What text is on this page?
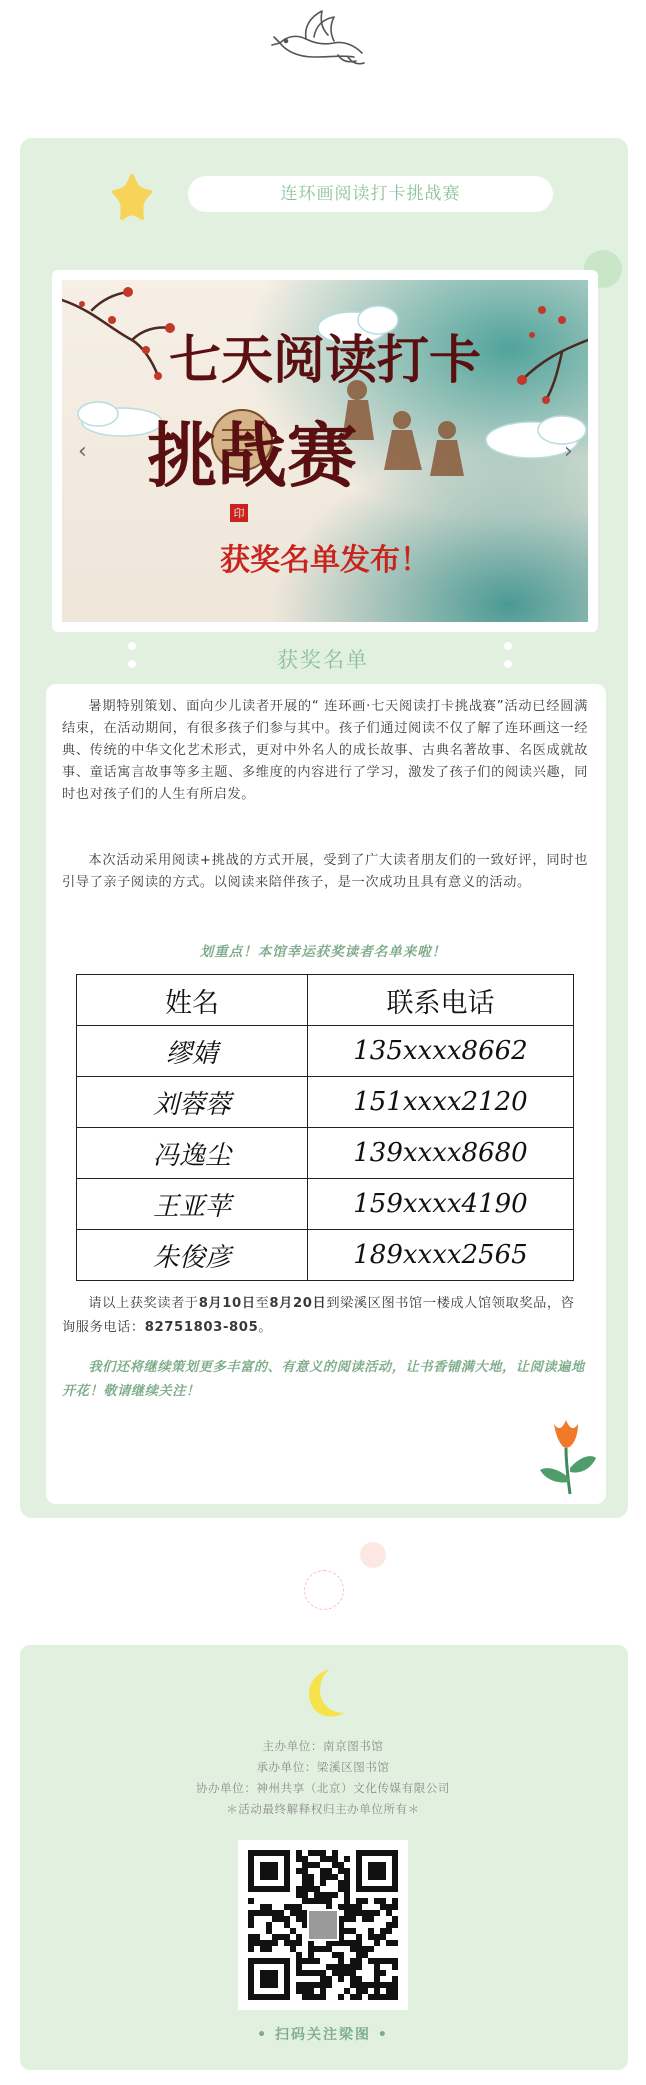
连环画阅读打卡挑战赛
七天阅读打卡
挑战赛
印
获奖名单发布！
‹	›
获奖名单
暑期特别策划、面向少儿读者开展的“ 连环画·七天阅读打卡挑战赛”活动已经圆满结束，在活动期间，有很多孩子们参与其中。孩子们通过阅读不仅了解了连环画这一经典、传统的中华文化艺术形式，更对中外名人的成长故事、古典名著故事、名医成就故事、童话寓言故事等多主题、多维度的内容进行了学习，激发了孩子们的阅读兴趣，同时也对孩子们的人生有所启发。
本次活动采用阅读+挑战的方式开展，受到了广大读者朋友们的一致好评，同时也引导了亲子阅读的方式。以阅读来陪伴孩子，是一次成功且具有意义的活动。
划重点！本馆幸运获奖读者名单来啦！
姓名	联系电话
缪婧	135xxxx8662
刘蓉蓉	151xxxx2120
冯逸尘	139xxxx8680
王亚苹	159xxxx4190
朱俊彦	189xxxx2565
请以上获奖读者于8月10日至8月20日到梁溪区图书馆一楼成人馆领取奖品，咨询服务电话：82751803-805。
我们还将继续策划更多丰富的、有意义的阅读活动，让书香铺满大地，让阅读遍地开花！敬请继续关注！
主办单位：南京图书馆
承办单位：梁溪区图书馆
协办单位：神州共享（北京）文化传媒有限公司
＊活动最终解释权归主办单位所有＊
• 扫码关注梁图 •
